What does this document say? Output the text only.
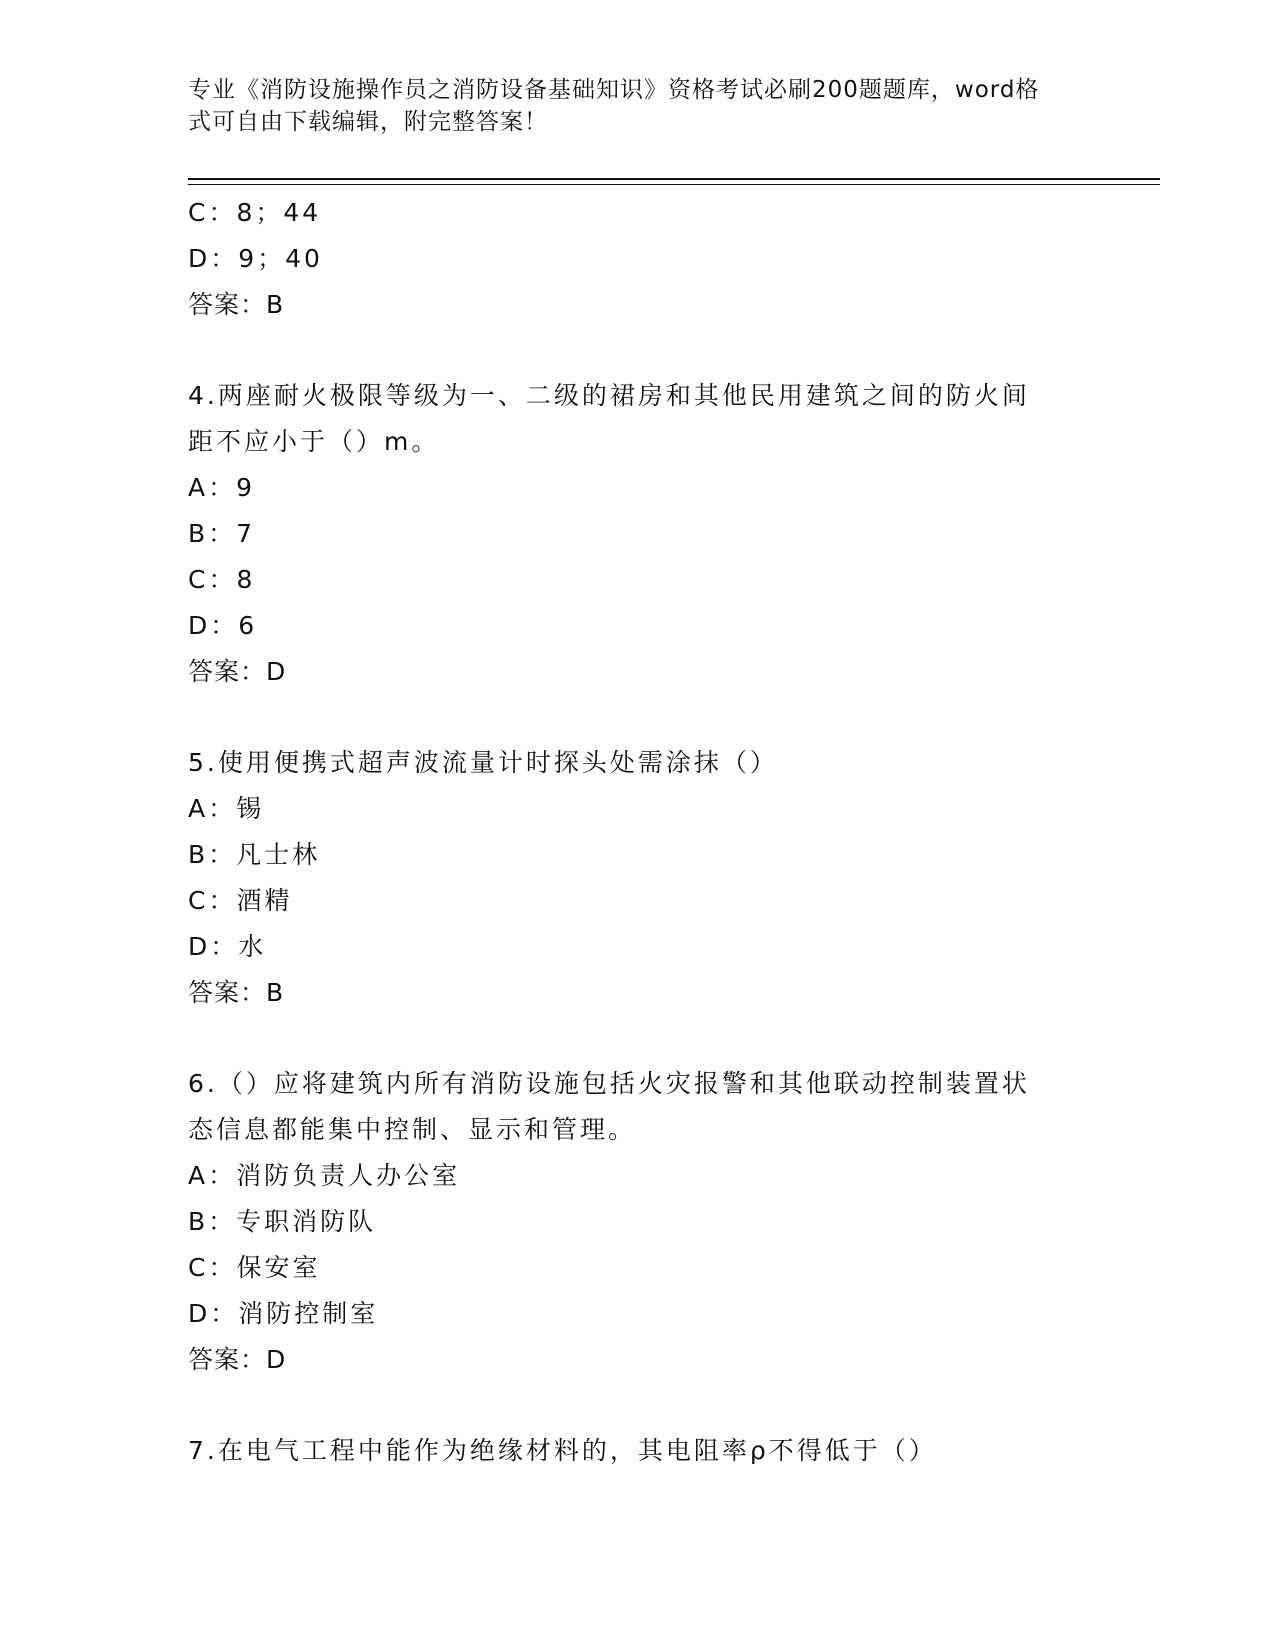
专业《消防设施操作员之消防设备基础知识》资格考试必刷200题题库，word格
式可自由下载编辑，附完整答案！
C：8；44
D：9；40
答案：B
4.两座耐火极限等级为一、二级的裙房和其他民用建筑之间的防火间
距不应小于（）m。
A：9
B：7
C：8
D：6
答案：D
5.使用便携式超声波流量计时探头处需涂抹（）
A：锡
B：凡士林
C：酒精
D：水
答案：B
6.（）应将建筑内所有消防设施包括火灾报警和其他联动控制装置状
态信息都能集中控制、显示和管理。
A：消防负责人办公室
B：专职消防队
C：保安室
D：消防控制室
答案：D
7.在电气工程中能作为绝缘材料的，其电阻率ρ不得低于（）
